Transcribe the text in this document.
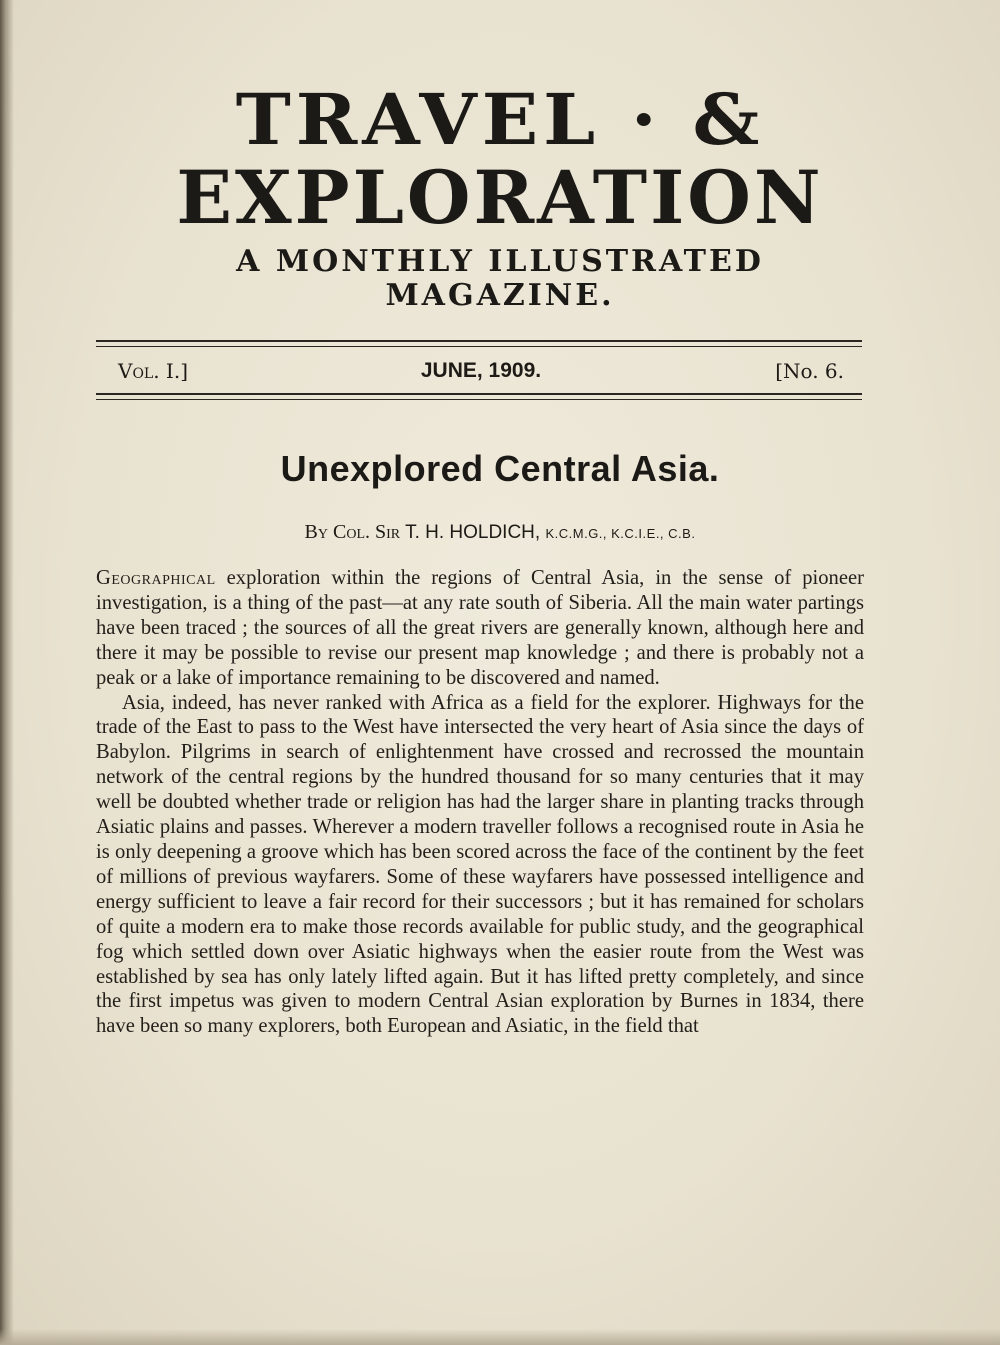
TRAVEL · &
EXPLORATION
A MONTHLY ILLUSTRATED
MAGAZINE.
Vol. I.]	JUNE, 1909.	[No. 6.
Unexplored Central Asia.
By Col. Sir T. H. HOLDICH, K.C.M.G., K.C.I.E., C.B.

Geographical exploration within the regions of Central Asia, in the sense of pioneer investigation, is a thing of the past—at any rate south of Siberia. All the main water partings have been traced ; the sources of all the great rivers are generally known, although here and there it may be possible to revise our present map knowledge ; and there is probably not a peak or a lake of importance remaining to be discovered and named.

Asia, indeed, has never ranked with Africa as a field for the explorer. Highways for the trade of the East to pass to the West have intersected the very heart of Asia since the days of Babylon. Pilgrims in search of enlightenment have crossed and recrossed the mountain network of the central regions by the hundred thousand for so many centuries that it may well be doubted whether trade or religion has had the larger share in planting tracks through Asiatic plains and passes. Wherever a modern traveller follows a recognised route in Asia he is only deepening a groove which has been scored across the face of the continent by the feet of millions of previous wayfarers. Some of these wayfarers have possessed intelligence and energy sufficient to leave a fair record for their successors ; but it has remained for scholars of quite a modern era to make those records available for public study, and the geographical fog which settled down over Asiatic highways when the easier route from the West was established by sea has only lately lifted again. But it has lifted pretty completely, and since the first impetus was given to modern Central Asian exploration by Burnes in 1834, there have been so many explorers, both European and Asiatic, in the field that
